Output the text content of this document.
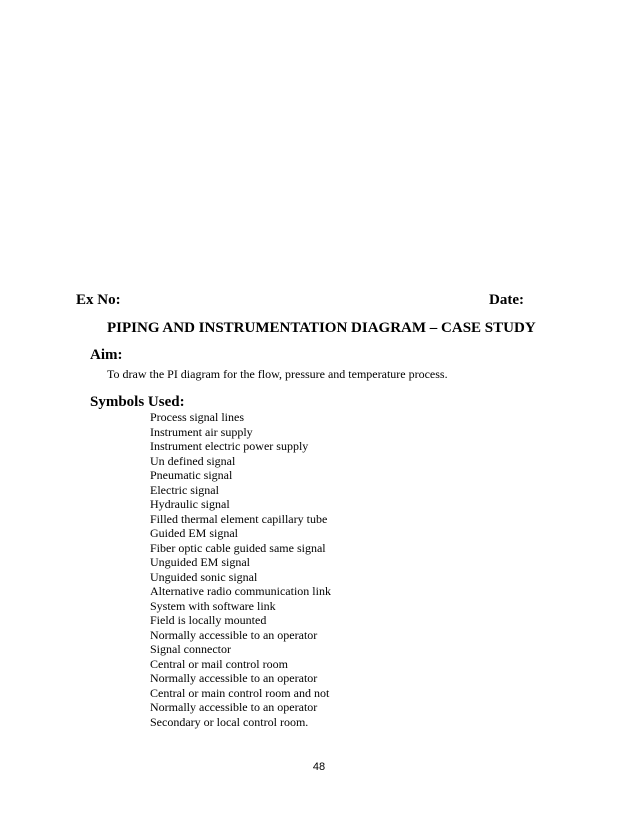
Ex No:	Date:
PIPING AND INSTRUMENTATION DIAGRAM – CASE STUDY
Aim:
To draw the PI diagram for the flow, pressure and temperature process.
Symbols Used:
Process signal lines
Instrument air supply
Instrument electric power supply
Un defined signal
Pneumatic signal
Electric signal
Hydraulic signal
Filled thermal element capillary tube
Guided EM signal
Fiber optic cable guided same signal
Unguided EM signal
Unguided sonic signal
Alternative radio communication link
System with software link
Field is locally mounted
Normally accessible to an operator
Signal connector
Central or mail control room
Normally accessible to an operator
Central or main control room and not
Normally accessible to an operator
Secondary or local control room.
48
